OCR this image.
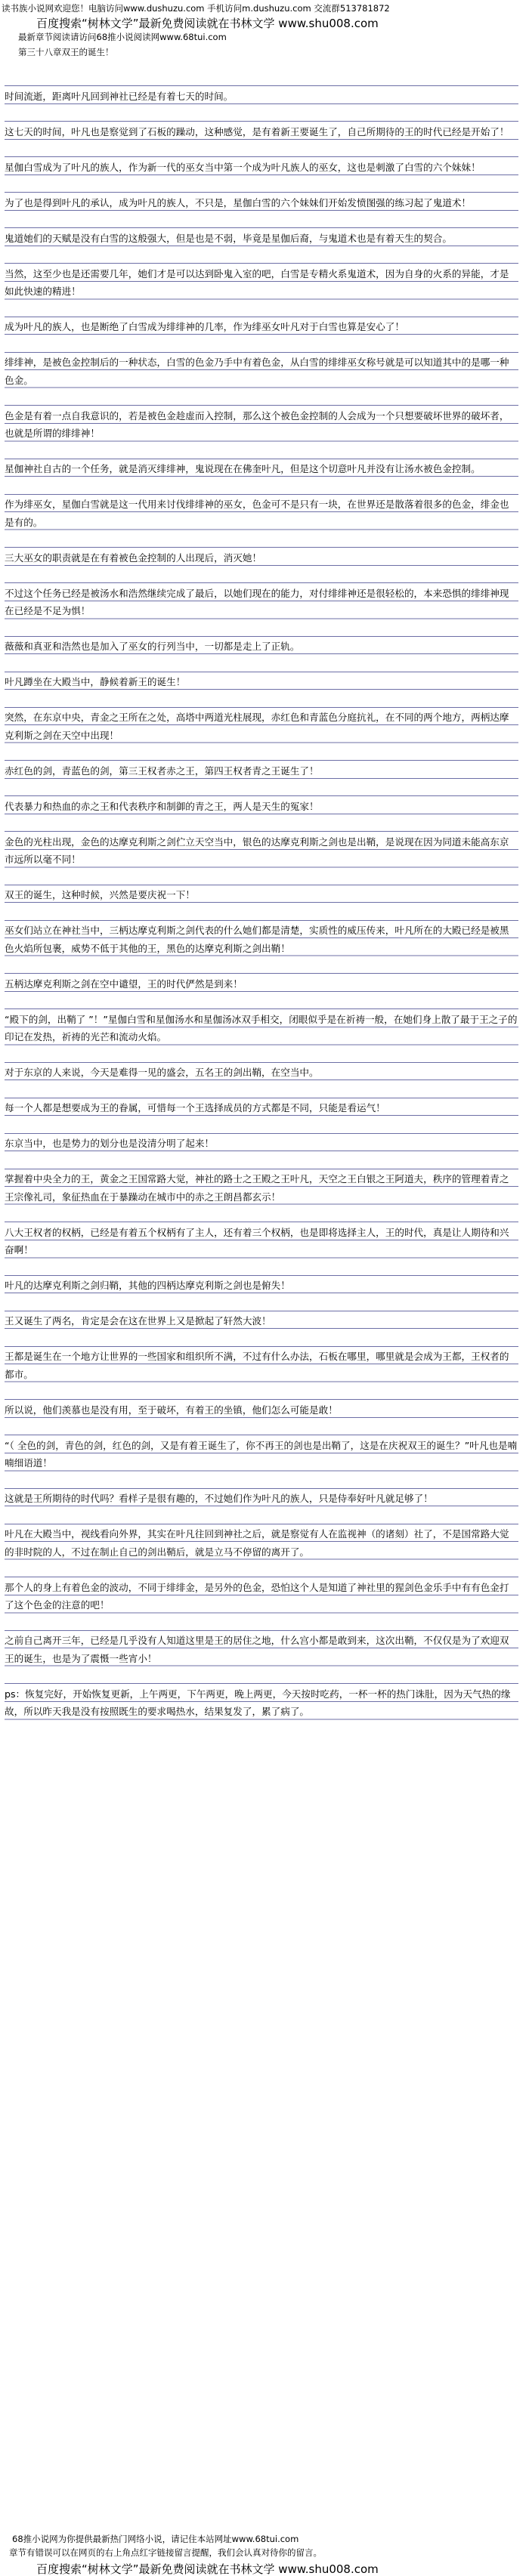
读书族小说网欢迎您！电脑访问www.dushuzu.com 手机访问m.dushuzu.com 交流群513781872
百度搜索“树林文学”最新免费阅读就在书林文学 www.shu008.com
最新章节阅读请访问68推小说阅读网www.68tui.com
第三十八章双王的诞生！

时间流逝，距离叶凡回到神社已经是有着七天的时间。

这七天的时间，叶凡也是察觉到了石板的躁动，这种感觉，是有着新王要诞生了，自己所期待的王的时代已经是开始了！

星伽白雪成为了叶凡的族人，作为新一代的巫女当中第一个成为叶凡族人的巫女，这也是刺激了白雪的六个妹妹！

为了也是得到叶凡的承认，成为叶凡的族人，不只是，星伽白雪的六个妹妹们开始发愤图强的练习起了鬼道术！

鬼道她们的天赋是没有白雪的这般强大，但是也是不弱，毕竟是星伽后裔，与鬼道术也是有着天生的契合。

当然，这至少也是还需要几年，她们才是可以达到卧鬼入室的吧，白雪是专精火系鬼道术，因为自身的火系的异能，才是如此快速的精进！

成为叶凡的族人，也是断绝了白雪成为绯绯神的几率，作为绯巫女叶凡对于白雪也算是安心了！

绯绯神，是被色金控制后的一种状态，白雪的色金乃手中有着色金，从白雪的绯绯巫女称号就是可以知道其中的是哪一种色金。

色金是有着一点自我意识的，若是被色金趁虚而入控制，那么这个被色金控制的人会成为一个只想要破坏世界的破坏者，也就是所谓的绯绯神！

星伽神社自古的一个任务，就是消灭绯绯神，鬼说现在在佛奎叶凡，但是这个切意叶凡并没有让汤水被色金控制。

作为绯巫女，星伽白雪就是这一代用来讨伐绯绯神的巫女，色金可不是只有一块，在世界还是散落着很多的色金，绯金也是有的。

三大巫女的职责就是在有着被色金控制的人出现后，消灭她！

不过这个任务已经是被汤水和浩然继续完成了最后，以她们现在的能力，对付绯绯神还是很轻松的，本来恐惧的绯绯神现在已经是不足为惧！

薇薇和真亚和浩然也是加入了巫女的行列当中，一切都是走上了正轨。

叶凡蹲坐在大殿当中，静候着新王的诞生！

突然，在东京中央，青金之王所在之处，高塔中两道光柱展现，赤红色和青蓝色分庭抗礼，在不同的两个地方，两柄达摩克利斯之剑在天空中出现！

赤红色的剑，青蓝色的剑，第三王权者赤之王，第四王权者青之王诞生了！

代表暴力和热血的赤之王和代表秩序和制御的青之王，两人是天生的冤家！

金色的光柱出现，金色的达摩克利斯之剑伫立天空当中，银色的达摩克利斯之剑也是出鞘，是说现在因为同道未能高东京市远所以毫不同！

双王的诞生，这种时候，兴然是要庆祝一下！

巫女们站立在神社当中，三柄达摩克利斯之剑代表的什么她们都是清楚，实质性的威压传来，叶凡所在的大殿已经是被黑色火焰所包裹，威势不低于其他的王，黑色的达摩克利斯之剑出鞘！

五柄达摩克利斯之剑在空中谴望，王的时代俨然是到来！

“殿下的剑，出鞘了 ”！”星伽白雪和星伽汤水和星伽汤冰双手相交，闭眼似乎是在祈祷一般，在她们身上散了最于王之子的印记在发热，祈祷的光芒和流动火焰。

对于东京的人来说，今天是难得一见的盛会，五名王的剑出鞘，在空当中。

每一个人都是想要成为王的眷属，可惜每一个王选择成员的方式都是不同，只能是看运气！

东京当中，也是势力的划分也是没清分明了起来！

掌握着中央全力的王，黄金之王国常路大觉，神社的路士之王殿之王叶凡，天空之王白银之王阿道夫，秩序的管理着青之王宗像礼司，象征热血在于暴躁动在城市中的赤之王朗昌都玄示！

八大王权者的权柄，已经是有着五个权柄有了主人，还有着三个权柄，也是即将选择主人，王的时代，真是让人期待和兴奋啊！

叶凡的达摩克利斯之剑归鞘，其他的四柄达摩克利斯之剑也是俯失！

王又诞生了两名，肯定是会在这在世界上又是掀起了轩然大波！

王都是诞生在一个地方让世界的一些国家和组织所不满，不过有什么办法，石板在哪里，哪里就是会成为王都，王权者的都市。

所以说，他们羡慕也是没有用，至于破坏，有着王的坐镇，他们怎么可能是敢！

“（ 全色的剑，青色的剑，红色的剑，又是有着王诞生了，你不再王的剑也是出鞘了，这是在庆祝双王的诞生？”叶凡也是喃喃细语道！

这就是王所期待的时代吗？看样子是很有趣的，不过她们作为叶凡的族人，只是侍奉好叶凡就足够了！

叶凡在大殿当中，视线看向外界，其实在叶凡往回到神社之后，就是察觉有人在监视神（的诸刻）社了，不是国常路大觉的非时院的人，不过在制止自己的剑出鞘后，就是立马不停留的离开了。

那个人的身上有着色金的波动，不同于绯绯金，是另外的色金，恐怕这个人是知道了神社里的猩剑色金乐手中有有色金打了这个色金的注意的吧！

之前自己离开三年，已经是几乎没有人知道这里是王的居住之地，什么宫小都是敢到来，这次出鞘，不仅仅是为了欢迎双王的诞生，也是为了震慑一些宵小！

ps：恢复完好，开始恢复更新，上午两更，下午两更，晚上两更，今天按时吃药，一杯一杯的热门诛肚，因为天气热的缘故，所以昨天我是没有按照既生的要求喝热水，结果复发了，累了病了。

68推小说网为你提供最新热门网络小说，请记住本站网址www.68tui.com
章节有错误可以在网页的右上角点红字链接留言提醒，我们会认真对待你的留言。
百度搜索“树林文学”最新免费阅读就在书林文学 www.shu008.com
